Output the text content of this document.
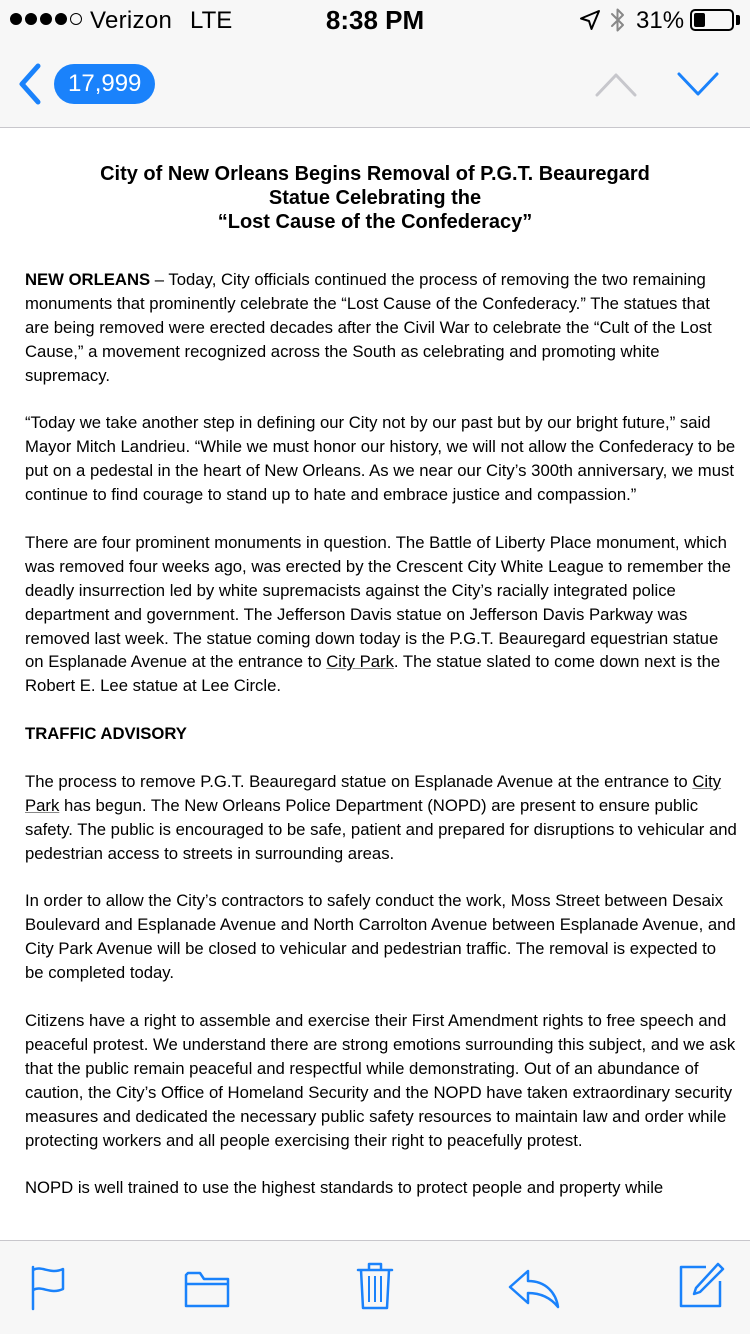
Verizon LTE	8:38 PM	31%
17,999
City of New Orleans Begins Removal of P.G.T. Beauregard
Statue Celebrating the
“Lost Cause of the Confederacy”

NEW ORLEANS – Today, City officials continued the process of removing the two remaining monuments that prominently celebrate the “Lost Cause of the Confederacy.” The statues that are being removed were erected decades after the Civil War to celebrate the “Cult of the Lost Cause,” a movement recognized across the South as celebrating and promoting white supremacy.

“Today we take another step in defining our City not by our past but by our bright future,” said Mayor Mitch Landrieu. “While we must honor our history, we will not allow the Confederacy to be put on a pedestal in the heart of New Orleans. As we near our City’s 300th anniversary, we must continue to find courage to stand up to hate and embrace justice and compassion.”

There are four prominent monuments in question. The Battle of Liberty Place monument, which was removed four weeks ago, was erected by the Crescent City White League to remember the deadly insurrection led by white supremacists against the City’s racially integrated police department and government. The Jefferson Davis statue on Jefferson Davis Parkway was removed last week. The statue coming down today is the P.G.T. Beauregard equestrian statue on Esplanade Avenue at the entrance to City Park. The statue slated to come down next is the Robert E. Lee statue at Lee Circle.

TRAFFIC ADVISORY

The process to remove P.G.T. Beauregard statue on Esplanade Avenue at the entrance to City Park has begun. The New Orleans Police Department (NOPD) are present to ensure public safety. The public is encouraged to be safe, patient and prepared for disruptions to vehicular and pedestrian access to streets in surrounding areas.

In order to allow the City’s contractors to safely conduct the work, Moss Street between Desaix Boulevard and Esplanade Avenue and North Carrolton Avenue between Esplanade Avenue, and City Park Avenue will be closed to vehicular and pedestrian traffic. The removal is expected to be completed today.

Citizens have a right to assemble and exercise their First Amendment rights to free speech and peaceful protest. We understand there are strong emotions surrounding this subject, and we ask that the public remain peaceful and respectful while demonstrating. Out of an abundance of caution, the City’s Office of Homeland Security and the NOPD have taken extraordinary security measures and dedicated the necessary public safety resources to maintain law and order while protecting workers and all people exercising their right to peacefully protest.

NOPD is well trained to use the highest standards to protect people and property while
